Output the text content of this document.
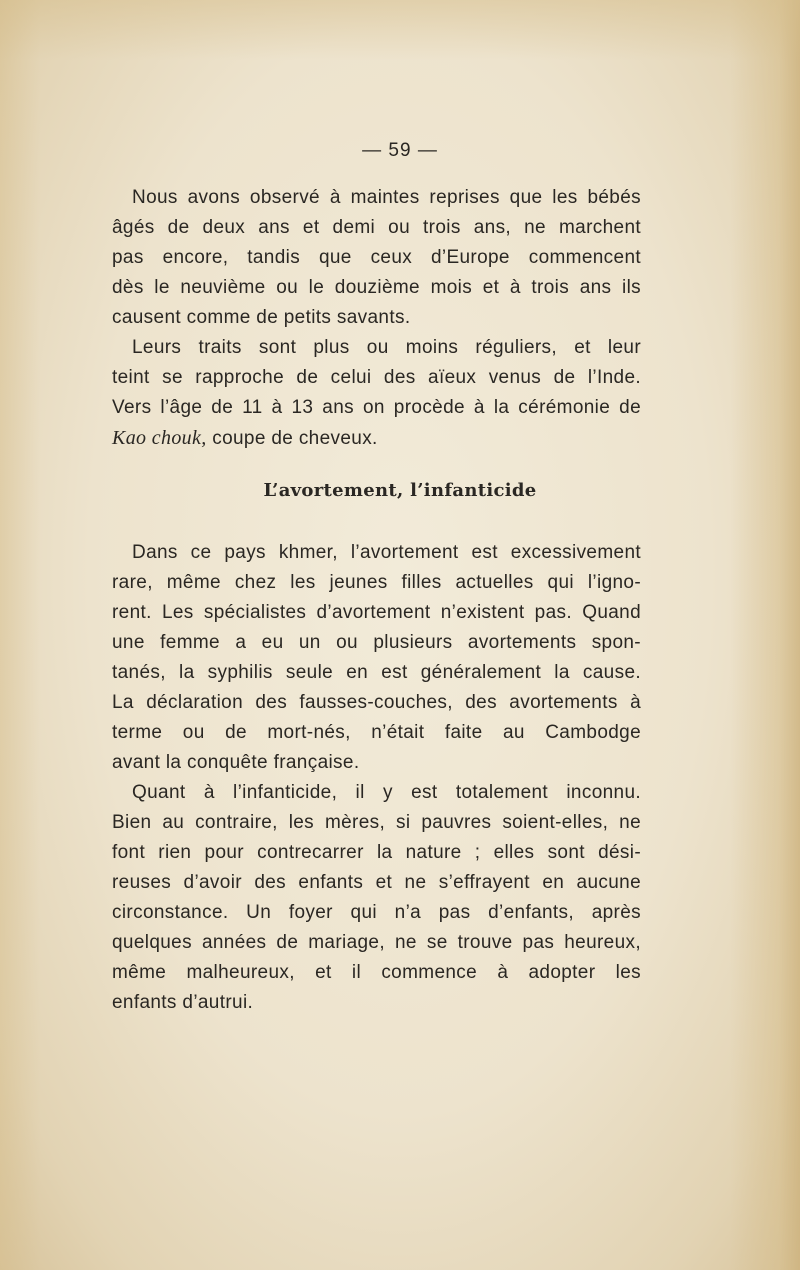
— 59 —
Nous avons observé à maintes reprises que les bébés
âgés de deux ans et demi ou trois ans, ne marchent
pas encore, tandis que ceux d’Europe commencent
dès le neuvième ou le douzième mois et à trois ans ils
causent comme de petits savants.
Leurs traits sont plus ou moins réguliers, et leur
teint se rapproche de celui des aïeux venus de l’Inde.
Vers l’âge de 11 à 13 ans on procède à la cérémonie de
Kao chouk, coupe de cheveux.
L’avortement, l’infanticide
Dans ce pays khmer, l’avortement est excessivement
rare, même chez les jeunes filles actuelles qui l’igno-
rent. Les spécialistes d’avortement n’existent pas. Quand
une femme a eu un ou plusieurs avortements spon-
tanés, la syphilis seule en est généralement la cause.
La déclaration des fausses-couches, des avortements à
terme ou de mort-nés, n’était faite au Cambodge
avant la conquête française.
Quant à l’infanticide, il y est totalement inconnu.
Bien au contraire, les mères, si pauvres soient-elles, ne
font rien pour contrecarrer la nature ; elles sont dési-
reuses d’avoir des enfants et ne s’effrayent en aucune
circonstance. Un foyer qui n’a pas d’enfants, après
quelques années de mariage, ne se trouve pas heureux,
même malheureux, et il commence à adopter les
enfants d’autrui.
